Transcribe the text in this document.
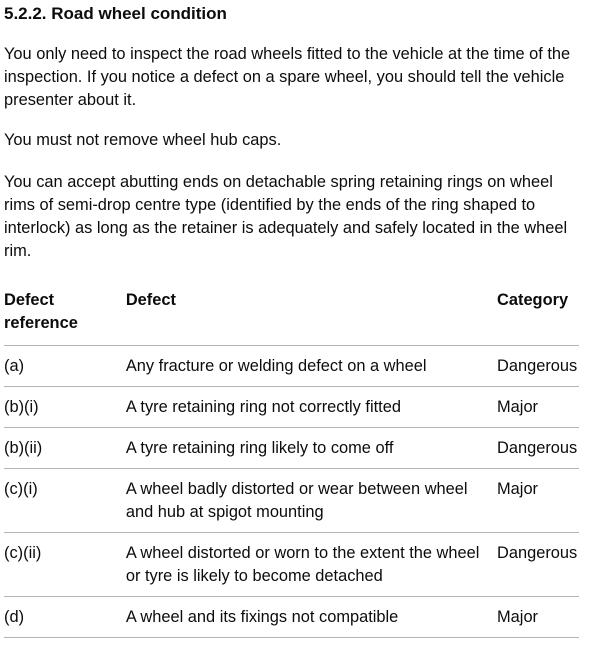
5.2.2. Road wheel condition

You only need to inspect the road wheels fitted to the vehicle at the time of the inspection. If you notice a defect on a spare wheel, you should tell the vehicle presenter about it.

You must not remove wheel hub caps.

You can accept abutting ends on detachable spring retaining rings on wheel rims of semi-drop centre type (identified by the ends of the ring shaped to interlock) as long as the retainer is adequately and safely located in the wheel rim.

Defect reference	Defect	Category
(a)	Any fracture or welding defect on a wheel	Dangerous
(b)(i)	A tyre retaining ring not correctly fitted	Major
(b)(ii)	A tyre retaining ring likely to come off	Dangerous
(c)(i)	A wheel badly distorted or wear between wheel and hub at spigot mounting	Major
(c)(ii)	A wheel distorted or worn to the extent the wheel or tyre is likely to become detached	Dangerous
(d)	A wheel and its fixings not compatible	Major
